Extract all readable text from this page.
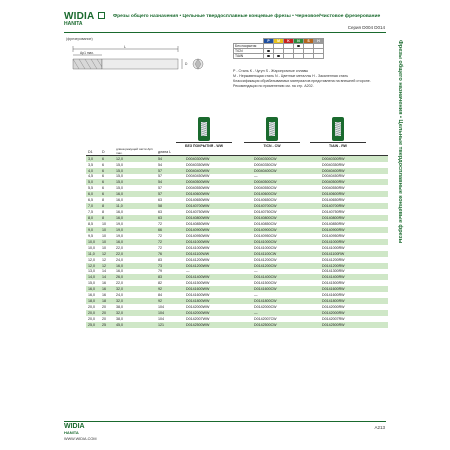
WIDIA
HANITA
Фрезы общего назначения • Цельные твердосплавные концевые фрезы • Черновое/Чистовое фрезерование
Серия D004 D014
Фрезы общего назначения • Цельные твердосплавные концевые фрезы
(фрезерование)
L
Ap1 max.
D
	P	M	K	N	S	H
Без покрытия						
TiCN						
TiAlN						
P - Сталь K - Чугун S - Жаропрочные сплавы
M - Нержавеющая сталь N - Цветные металлы H - Закаленная сталь
Классификация обрабатываемых материалов представлена на внешней стороне.
Рекомендации по применению см. на стр. A202.
БЕЗ ПОКРЫТИЯ - WW	TiCN - CW	TiAlN - RW
D1	D	длина режущей части Ap1 max.	длина L			
3,0	6	12,0	54	D0040300WW	D0040300CW	D0040300RW
3,5	6	15,0	54	D0040350WW	D0040350CW	D0040350RW
4,0	6	15,0	57	D0040400WW	D0040400CW	D0040400RW
4,5	6	15,0	57	D0040450WW	—	D0040450RW
5,0	6	15,0	54	D0040500WW	D0040500CW	D0040500RW
5,5	6	15,0	57	D0040550WW	D0040550CW	D0040550RW
6,0	6	16,0	57	D0140600WW	D0140600CW	D0140600RW
6,5	8	16,0	63	D0140650WW	D0140650CW	D0140650RW
7,0	8	11,0	58	D0140700WW	D0140700CW	D0140700RW
7,5	8	16,0	63	D0140750WW	D0140750CW	D0140750RW
8,0	8	16,0	63	D0140800WW	D0140800CW	D0140800RW
8,5	10	19,0	72	D0140850WW	D0140850CW	D0140850RW
9,0	10	19,0	66	D0140900WW	D0140900CW	D0140900RW
9,5	10	19,0	72	D0140950WW	D0140950CW	D0140950RW
10,0	10	16,0	72	D0141000WW	D0141000CW	D0141000RW
10,0	10	22,0	72	D0141000WW	D0141000CW	D0141000RW
11,0	12	22,0	76	D0141100WW	D0141100CW	D0141100RW
12,0	12	24,0	83	D0141200WW	D0141200CW	D0141200RW
12,0	12	16,0	73	D0141200WW	D0141200CW	D0141200RW
13,0	14	16,0	79	—	—	D0141300RW
14,0	14	26,0	83	D0141400WW	D0141400CW	D0141400RW
15,0	16	22,0	82	D0141500WW	D0141500CW	D0141500RW
16,0	16	32,0	92	D0141600WW	D0141600CW	D0141600RW
16,0	16	24,0	84	D0141600WW	—	D0141600RW
18,0	18	32,0	92	D0141800WW	D0141800CW	D0141800RW
20,0	20	38,0	104	D0142000WW	D0142000CW	D0142000RW
20,0	20	32,0	104	D0142000WW	—	D0142000RW
20,0	20	38,0	104	D0142007WW	D0142007CW	D0142007RW
25,0	25	45,0	121	D0142500WW	D0142500CW	D0142500RW
WIDIA
HANITA
WWW.WIDIA.COM
A213
